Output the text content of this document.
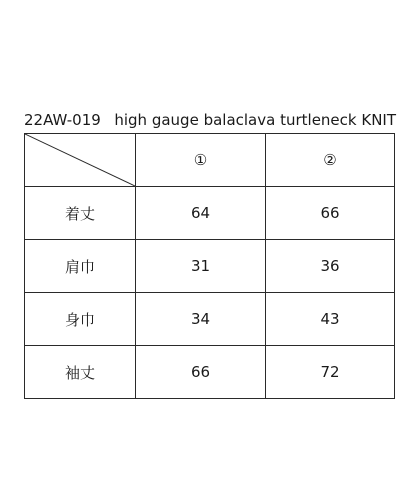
22AW-019 high gauge balaclava turtleneck KNIT
	①	②
着丈	64	66
肩巾	31	36
身巾	34	43
袖丈	66	72
